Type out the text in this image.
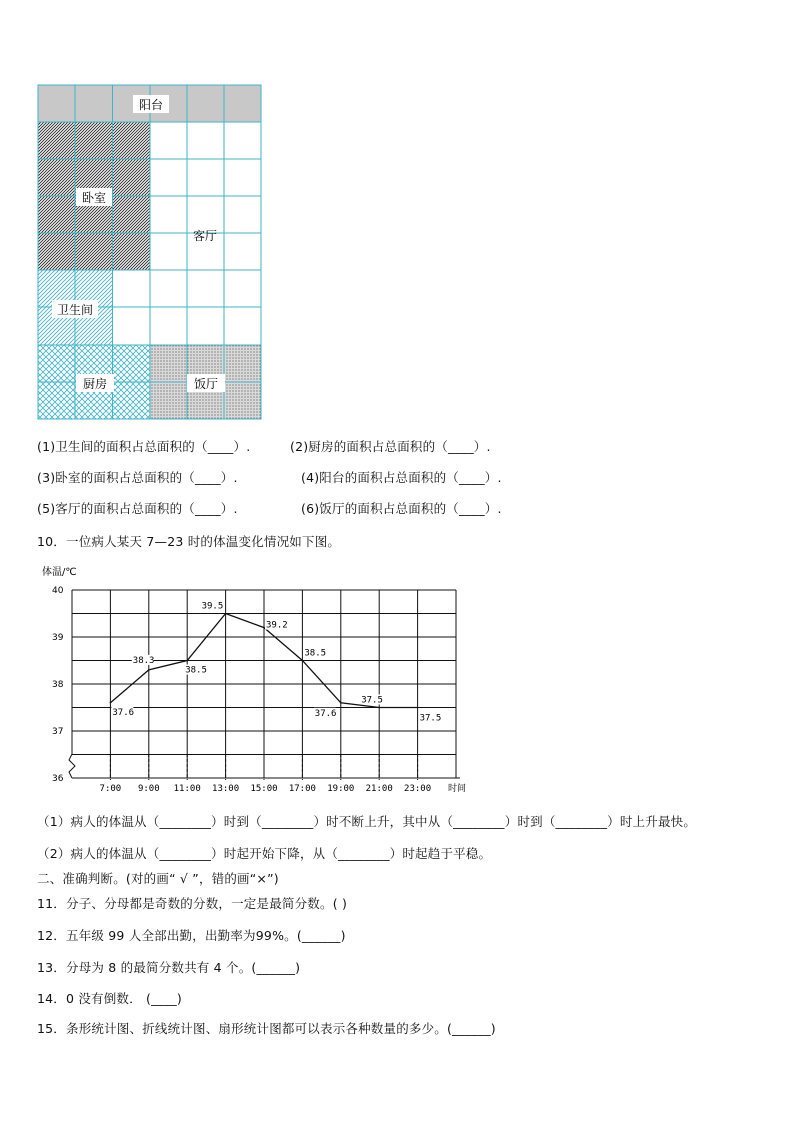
阳台
卧室
客厅
卫生间
厨房	饭厅
(1)卫生间的面积占总面积的（____）.	(2)厨房的面积占总面积的（____）.
(3)卧室的面积占总面积的（____）.	(4)阳台的面积占总面积的（____）.
(5)客厅的面积占总面积的（____）.	(6)饭厅的面积占总面积的（____）.
10．一位病人某天 7—23 时的体温变化情况如下图。
体温/℃
36
37
38
39
40
7:00 9:00 11:00 13:00 15:00 17:00 19:00 21:00 23:00
37.6
38.3
38.5
39.5
39.2
38.5
37.6
37.5
37.5
时间
（1）病人的体温从（________）时到（________）时不断上升，其中从（________）时到（________）时上升最快。
（2）病人的体温从（________）时起开始下降，从（________）时起趋于平稳。
二、准确判断。(对的画“ √ ”，错的画“×”)
11．分子、分母都是奇数的分数，一定是最简分数。( )
12．五年级 99 人全部出勤，出勤率为99%。(______)
13．分母为 8 的最简分数共有 4 个。(______)
14．0 没有倒数． (____)
15．条形统计图、折线统计图、扇形统计图都可以表示各种数量的多少。(______)
